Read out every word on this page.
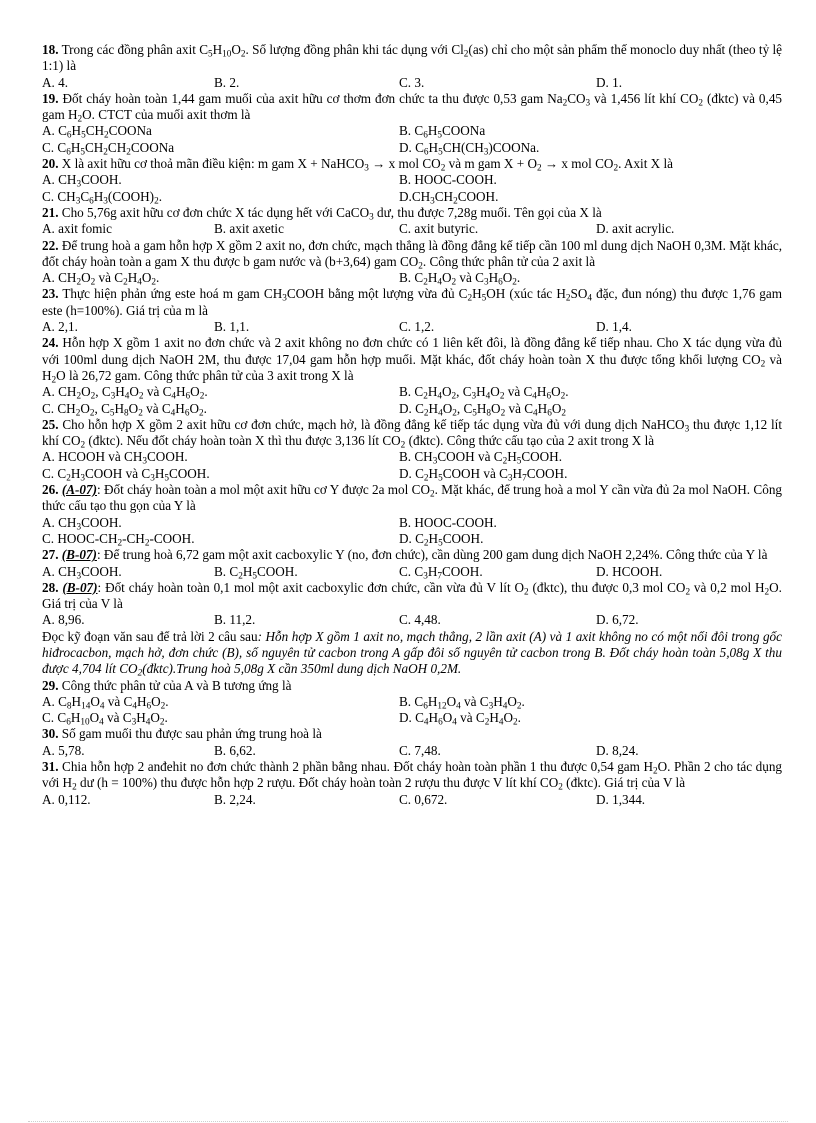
18. Trong các đồng phân axit $C_5H_{10}O_2$. Số lượng đồng phân khi tác dụng với $Cl_2(as)$ chỉ cho một sản phẩm thế monoclo duy nhất (theo tỷ lệ 1:1) là
A. 4.	B. 2.	C. 3.	D. 1.
19. Đốt cháy hoàn toàn 1,44 gam muối của axit hữu cơ thơm đơn chức ta thu được 0,53 gam $Na_2CO_3$ và 1,456 lít khí $CO_2$ (đktc) và 0,45 gam $H_2O$. CTCT của muối axit thơm là
A. $C_6H_5CH_2COONa$	B. $C_6H_5COONa$
C. $C_6H_5CH_2CH_2COONa$	D. $C_6H_5CH(CH_3)COONa$.
20. X là axit hữu cơ thoả mãn điều kiện: m gam X + NaHCO$_3$ → x mol $CO_2$ và m gam $X + O_2 \to x$ mol $CO_2$. Axit X là
A. $CH_3COOH$.	B. HOOC-COOH.
C. $CH_3C_6H_3(COOH)_2$.	$D.CH_3CH_2COOH$.
21. Cho 5,76g axit hữu cơ đơn chức X tác dụng hết với CaCO$_3$ dư, thu được 7,28g muối. Tên gọi của X là
A. axit fomic	B. axit axetic	C. axit butyric.	D. axit acrylic.
22. Để trung hoà a gam hỗn hợp X gồm 2 axit no, đơn chức, mạch thẳng là đồng đẳng kế tiếp cần 100 ml dung dịch NaOH 0,3M. Mặt khác, đốt cháy hoàn toàn a gam X thu được b gam nước và (b+3,64) gam $CO_2$. Công thức phân tử của 2 axit là
A. $CH_2O_2$ và $C_2H_4O_2$.	B. $C_2H_4O_2$ và $C_3H_6O_2$.
23. Thực hiện phản ứng este hoá m gam $CH_3COOH$ bằng một lượng vừa đủ $C_2H_5OH$ (xúc tác $H_2SO_4$ đặc, đun nóng) thu được 1,76 gam este (h=100%). Giá trị của m là
A. 2,1.	B. 1,1.	C. 1,2.	D. 1,4.
24. Hỗn hợp X gồm 1 axit no đơn chức và 2 axit không no đơn chức có 1 liên kết đôi, là đồng đẳng kế tiếp nhau. Cho X tác dụng vừa đủ với 100ml dung dịch NaOH 2M, thu được 17,04 gam hỗn hợp muối. Mặt khác, đốt cháy hoàn toàn X thu được tổng khối lượng $CO_2$ và $H_2O$ là 26,72 gam. Công thức phân tử của 3 axit trong X là
A. $CH_2O_2$, $C_3H_4O_2$ và $C_4H_6O_2$.	B. $C_2H_4O_2$, $C_3H_4O_2$ và $C_4H_6O_2$.
C. $CH_2O_2$, $C_5H_8O_2$ và $C_4H_6O_2$.	D. $C_2H_4O_2$, $C_5H_8O_2$ và $C_4H_6O_2$
25. Cho hỗn hợp X gồm 2 axit hữu cơ đơn chức, mạch hở, là đồng đẳng kế tiếp tác dụng vừa đủ với dung dịch NaHCO$_3$ thu được 1,12 lít khí $CO_2$ (đktc). Nếu đốt cháy hoàn toàn X thì thu được 3,136 lít $CO_2$ (đktc). Công thức cấu tạo của 2 axit trong X là
A. HCOOH và $CH_3COOH$.	B. $CH_3COOH$ và $C_2H_5COOH$.
C. $C_2H_3COOH$ và $C_3H_5COOH$.	D. $C_2H_5COOH$ và $C_3H_7COOH$.
26. (A-07): Đốt cháy hoàn toàn a mol một axit hữu cơ Y được 2a mol $CO_2$. Mặt khác, để trung hoà a mol Y cần vừa đủ 2a mol NaOH. Công thức cấu tạo thu gọn của Y là
A. $CH_3COOH$.	B. HOOC-COOH.
C. HOOC-$CH_2-CH_2$-COOH.	D. $C_2H_5COOH$.
27. (B-07): Để trung hoà 6,72 gam một axit cacboxylic Y (no, đơn chức), cần dùng 200 gam dung dịch NaOH 2,24%. Công thức của Y là
A. $CH_3COOH$.	B. $C_2H_5COOH$.	C. $C_3H_7COOH$.	D. HCOOH.
28. (B-07): Đốt cháy hoàn toàn 0,1 mol một axit cacboxylic đơn chức, cần vừa đủ V lít $O_2$ (đktc), thu được 0,3 mol $CO_2$ và 0,2 mol $H_2O$. Giá trị của V là
A. 8,96.	B. 11,2.	C. 4,48.	D. 6,72.
Đọc kỹ đoạn văn sau để trả lời 2 câu sau: Hỗn hợp X gồm 1 axit no, mạch thẳng, 2 lần axit (A) và 1 axit không no có một nối đôi trong gốc hiđrocacbon, mạch hở, đơn chức (B), số nguyên tử cacbon trong A gấp đôi số nguyên tử cacbon trong B. Đốt cháy hoàn toàn 5,08g X thu được 4,704 lít $CO_2(đktc).Trung$ hoà 5,08g X cần 350ml dung dịch NaOH 0,2M.
29. Công thức phân tử của A và B tương ứng là
A. $C_8H_{14}O_4$ và $C_4H_6O_2$.	B. $C_6H_{12}O_4$ và $C_3H_4O_2$.
C. $C_6H_{10}O_4$ và $C_3H_4O_2$.	D. $C_4H_6O_4$ và $C_2H_4O_2$.
30. Số gam muối thu được sau phản ứng trung hoà là
A. 5,78.	B. 6,62.	C. 7,48.	D. 8,24.
31. Chia hỗn hợp 2 anđehit no đơn chức thành 2 phần bằng nhau. Đốt cháy hoàn toàn phần 1 thu được 0,54 gam $H_2O$. Phần 2 cho tác dụng với $H_2$ dư (h = 100%) thu được hỗn hợp 2 rượu. Đốt cháy hoàn toàn 2 rượu thu được V lít khí $CO_2$ (đktc). Giá trị của V là
A. 0,112.	B. 2,24.	C. 0,672.	D. 1,344.
